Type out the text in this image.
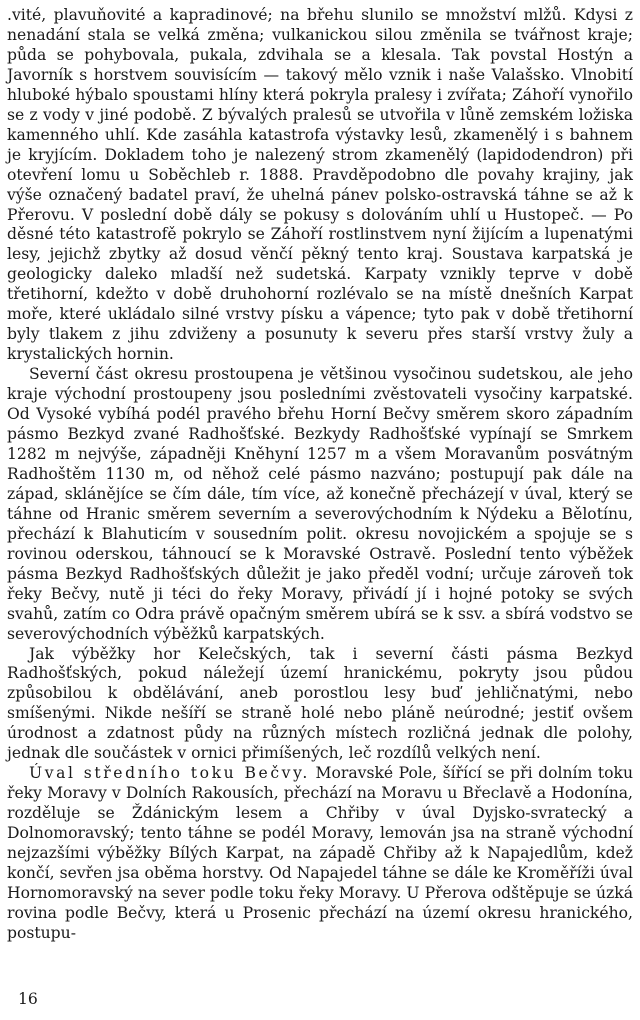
.vité, plavuňovité a kapradinové; na břehu slunilo se množství mlžů. Kdysi z nenadání stala se velká změna; vulkanickou silou změnila se tvářnost kraje; půda se pohybovala, pukala, zdvihala se a klesala. Tak povstal Hostýn a Javorník s horstvem souvisícím — takový mělo vznik i naše Valašsko. Vlnobití hluboké hýbalo spoustami hlíny která pokryla pralesy i zvířata; Záhoří vynořilo se z vody v jiné podobě. Z bývalých pralesů se utvořila v lůně zemském ložiska kamenného uhlí. Kde zasáhla katastrofa výstavky lesů, zkamenělý i s bahnem je kryjícím. Dokladem toho je nalezený strom zkamenělý (lapidodendron) při otevření lomu u Soběchleb r. 1888. Pravděpodobno dle povahy krajiny, jak výše označený badatel praví, že uhelná pánev polsko-ostravská táhne se až k Přerovu. V poslední době dály se pokusy s dolováním uhlí u Hustopeč. — Po děsné této katastrofě pokrylo se Záhoří rostlinstvem nyní žijícím a lupenatými lesy, jejichž zbytky až dosud věnčí pěkný tento kraj. Soustava karpatská je geologicky daleko mladší než sudetská. Karpaty vznikly teprve v době třetihorní, kdežto v době druhohorní rozlévalo se na místě dnešních Karpat moře, které ukládalo silné vrstvy písku a vápence; tyto pak v době třetihorní byly tlakem z jihu zdviženy a posunuty k severu přes starší vrstvy žuly a krystalických hornin.

Severní část okresu prostoupena je většinou vysočinou sudetskou, ale jeho kraje východní prostoupeny jsou posledními zvěstovateli vysočiny karpatské. Od Vysoké vybíhá podél pravého břehu Horní Bečvy směrem skoro západním pásmo Bezkyd zvané Radhošťské. Bezkydy Radhošťské vypínají se Smrkem 1282 m nejvýše, západněji Kněhyní 1257 m a všem Moravanům posvátným Radhoštěm 1130 m, od něhož celé pásmo nazváno; postupují pak dále na západ, sklánějíce se čím dále, tím více, až konečně přecházejí v úval, který se táhne od Hranic směrem severním a severovýchodním k Nýdeku a Bělotínu, přechází k Blahuticím v sousedním polit. okresu novojickém a spojuje se s rovinou oderskou, táhnoucí se k Moravské Ostravě. Poslední tento výběžek pásma Bezkyd Radhošťských důležit je jako předěl vodní; určuje zároveň tok řeky Bečvy, nutě ji téci do řeky Moravy, přivádí jí i hojné potoky se svých svahů, zatím co Odra právě opačným směrem ubírá se k ssv. a sbírá vodstvo se severovýchodních výběžků karpatských.

Jak výběžky hor Kelečských, tak i severní části pásma Bezkyd Radhošťských, pokud náležejí území hranickému, pokryty jsou půdou způsobilou k obdělávání, aneb porostlou lesy buď jehličnatými, nebo smíšenými. Nikde nešíří se straně holé nebo pláně neúrodné; jestiť ovšem úrodnost a zdatnost půdy na různých místech rozličná jednak dle polohy, jednak dle součástek v ornici přimíšených, leč rozdílů velkých není.

Úval středního toku Bečvy. Moravské Pole, šířící se při dolním toku řeky Moravy v Dolních Rakousích, přechází na Moravu u Břeclavě a Hodonína, rozděluje se Ždánickým lesem a Chřiby v úval Dyjsko-svratecký a Dolnomoravský; tento táhne se podél Moravy, lemován jsa na straně východní nejzazšími výběžky Bílých Karpat, na západě Chřiby až k Napajedlům, kdež končí, sevřen jsa oběma horstvy. Od Napajedel táhne se dále ke Kroměříži úval Hornomoravský na sever podle toku řeky Moravy. U Přerova odštěpuje se úzká rovina podle Bečvy, která u Prosenic přechází na území okresu hranického, postupu-

16
